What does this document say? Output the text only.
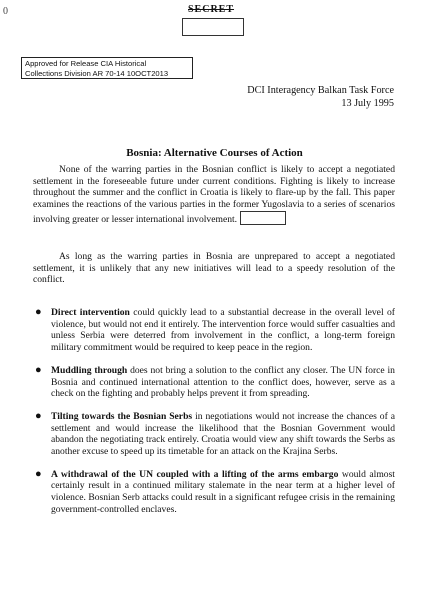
0	SECRET
Approved for Release CIA Historical
Collections Division AR 70-14 10OCT2013
DCI Interagency Balkan Task Force
13 July 1995
Bosnia: Alternative Courses of Action

None of the warring parties in the Bosnian conflict is likely to accept a negotiated settlement in the foreseeable future under current conditions. Fighting is likely to increase throughout the summer and the conflict in Croatia is likely to flare-up by the fall. This paper examines the reactions of the various parties in the former Yugoslavia to a series of scenarios involving greater or lesser international involvement.

As long as the warring parties in Bosnia are unprepared to accept a negotiated settlement, it is unlikely that any new initiatives will lead to a speedy resolution of the conflict.

● Direct intervention could quickly lead to a substantial decrease in the overall level of violence, but would not end it entirely. The intervention force would suffer casualties and unless Serbia were deterred from involvement in the conflict, a long-term foreign military commitment would be required to keep peace in the region.

● Muddling through does not bring a solution to the conflict any closer. The UN force in Bosnia and continued international attention to the conflict does, however, serve as a check on the fighting and probably helps prevent it from spreading.

● Tilting towards the Bosnian Serbs in negotiations would not increase the chances of a settlement and would increase the likelihood that the Bosnian Government would abandon the negotiating track entirely. Croatia would view any shift towards the Serbs as another excuse to speed up its timetable for an attack on the Krajina Serbs.

● A withdrawal of the UN coupled with a lifting of the arms embargo would almost certainly result in a continued military stalemate in the near term at a higher level of violence. Bosnian Serb attacks could result in a significant refugee crisis in the remaining government-controlled enclaves.
